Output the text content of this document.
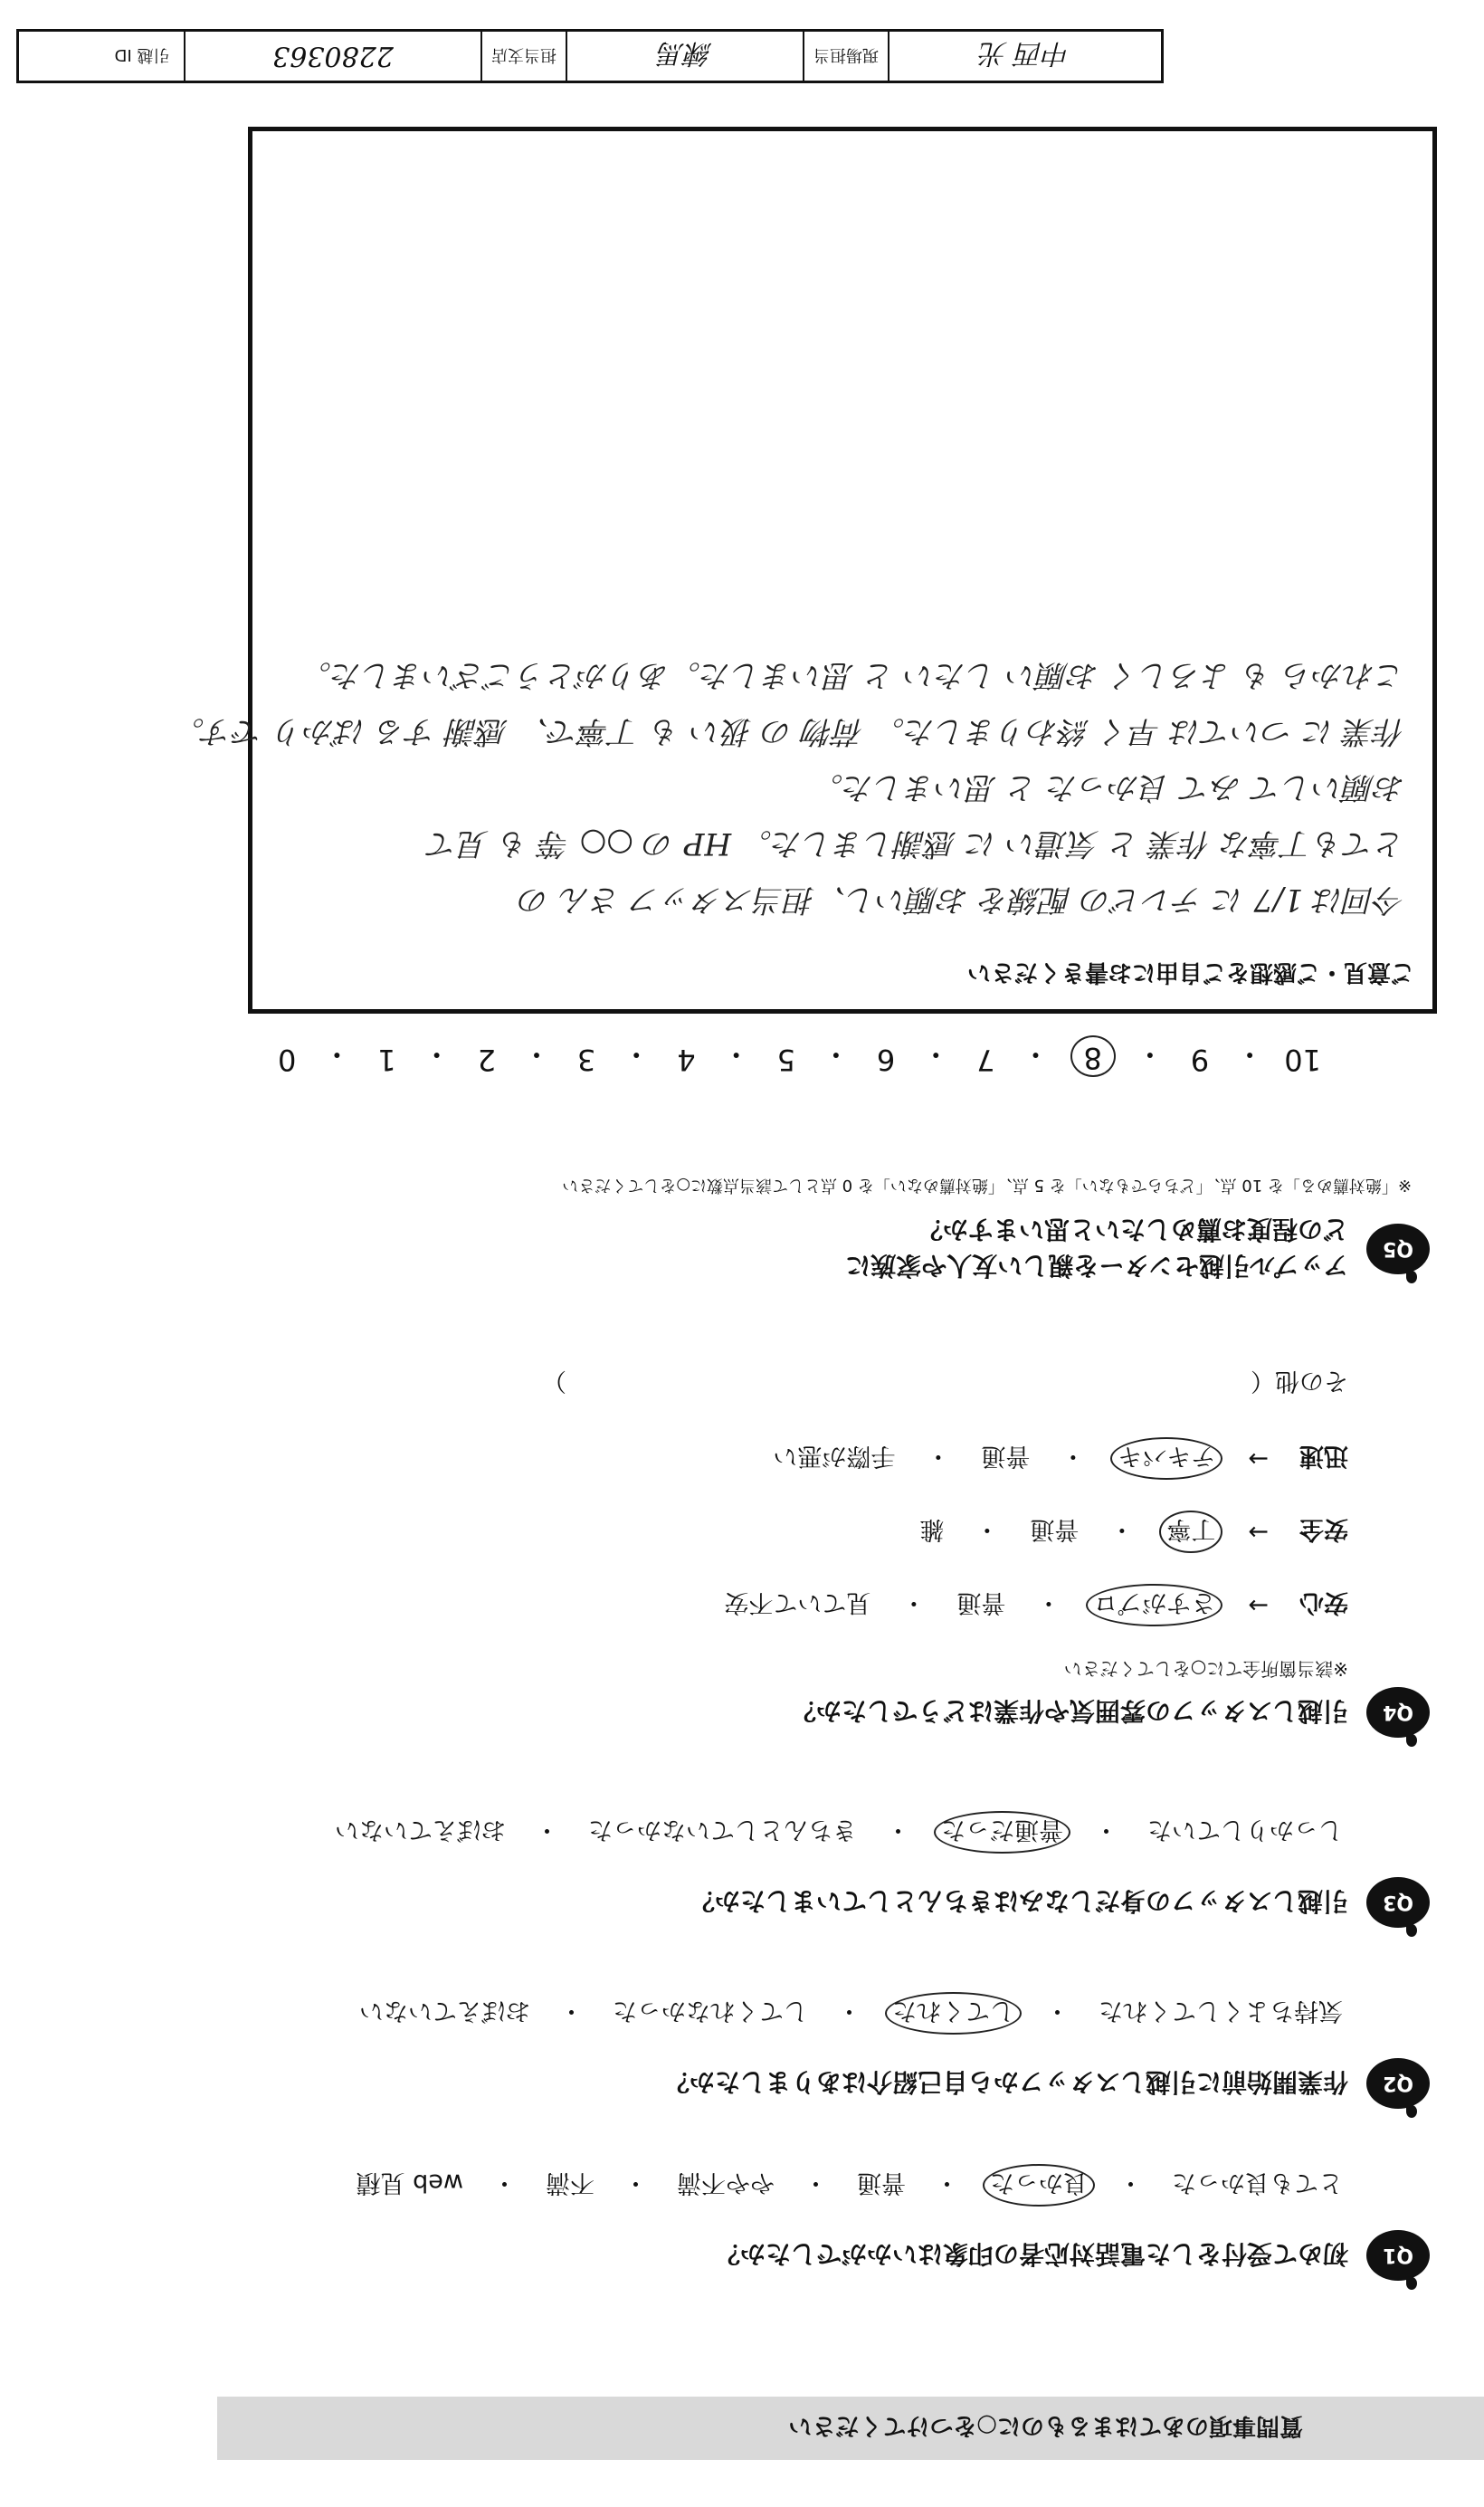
中西 光
現場担当
練馬
担当支店
2280363
引越 ID
ご意見・ご感想をご自由にお書きください
今回は 1/7 に テレビの 配線を お願いし、担当スタッフ さん の
とても丁寧な 作業 と 気遣い に 感謝しました。 HP の ○○ 等 も 見て
お願いして みて 良かった と 思いました。
作業 に ついては 早く 終わりました。 荷物 の 扱い も 丁寧で、 感謝 する ばかり です。
これから も よろしく お願い したい と 思いました。ありがとうございました。
10
・
9
・
8
・
7
・
6
・
5
・
4
・
3
・
2
・
1
・
0
Q5
アップル引越センターを親しい友人や家族に
どの程度お薦めしたいと思いますか？
※「絶対薦める」を 10 点、「どちらでもない」を 5 点、「絶対薦めない」を 0 点として該当点数に○をしてください
Q4
引越しスタッフの雰囲気や作業はどうでしたか？
※該当箇所全てに○をしてください
安心
→
さすがプロ
・
普通
・
見ていて不安
安全
→
丁寧
・
普通
・
雑
迅速
→
テキパキ
・
普通
・
手際が悪い
その他（　　　　　　　　　　　　　　　　　　　　　　　　　　　　）
Q3
引越しスタッフの身だしなみはきちんとしていましたか？
しっかりしていた
・
普通だった
・
きちんとしていなかった
・
おぼえていない
Q2
作業開始前に引越しスタッフから自己紹介はありましたか？
気持ちよくしてくれた
・
してくれた
・
してくれなかった
・
おぼえていない
Q1
初めて受付をした電話対応者の印象はいかがでしたか？
とても良かった
・
良かった
・
普通
・
やや不満
・
不満
・
web 見積
質問事項のあてはまるものに○をつけてください
